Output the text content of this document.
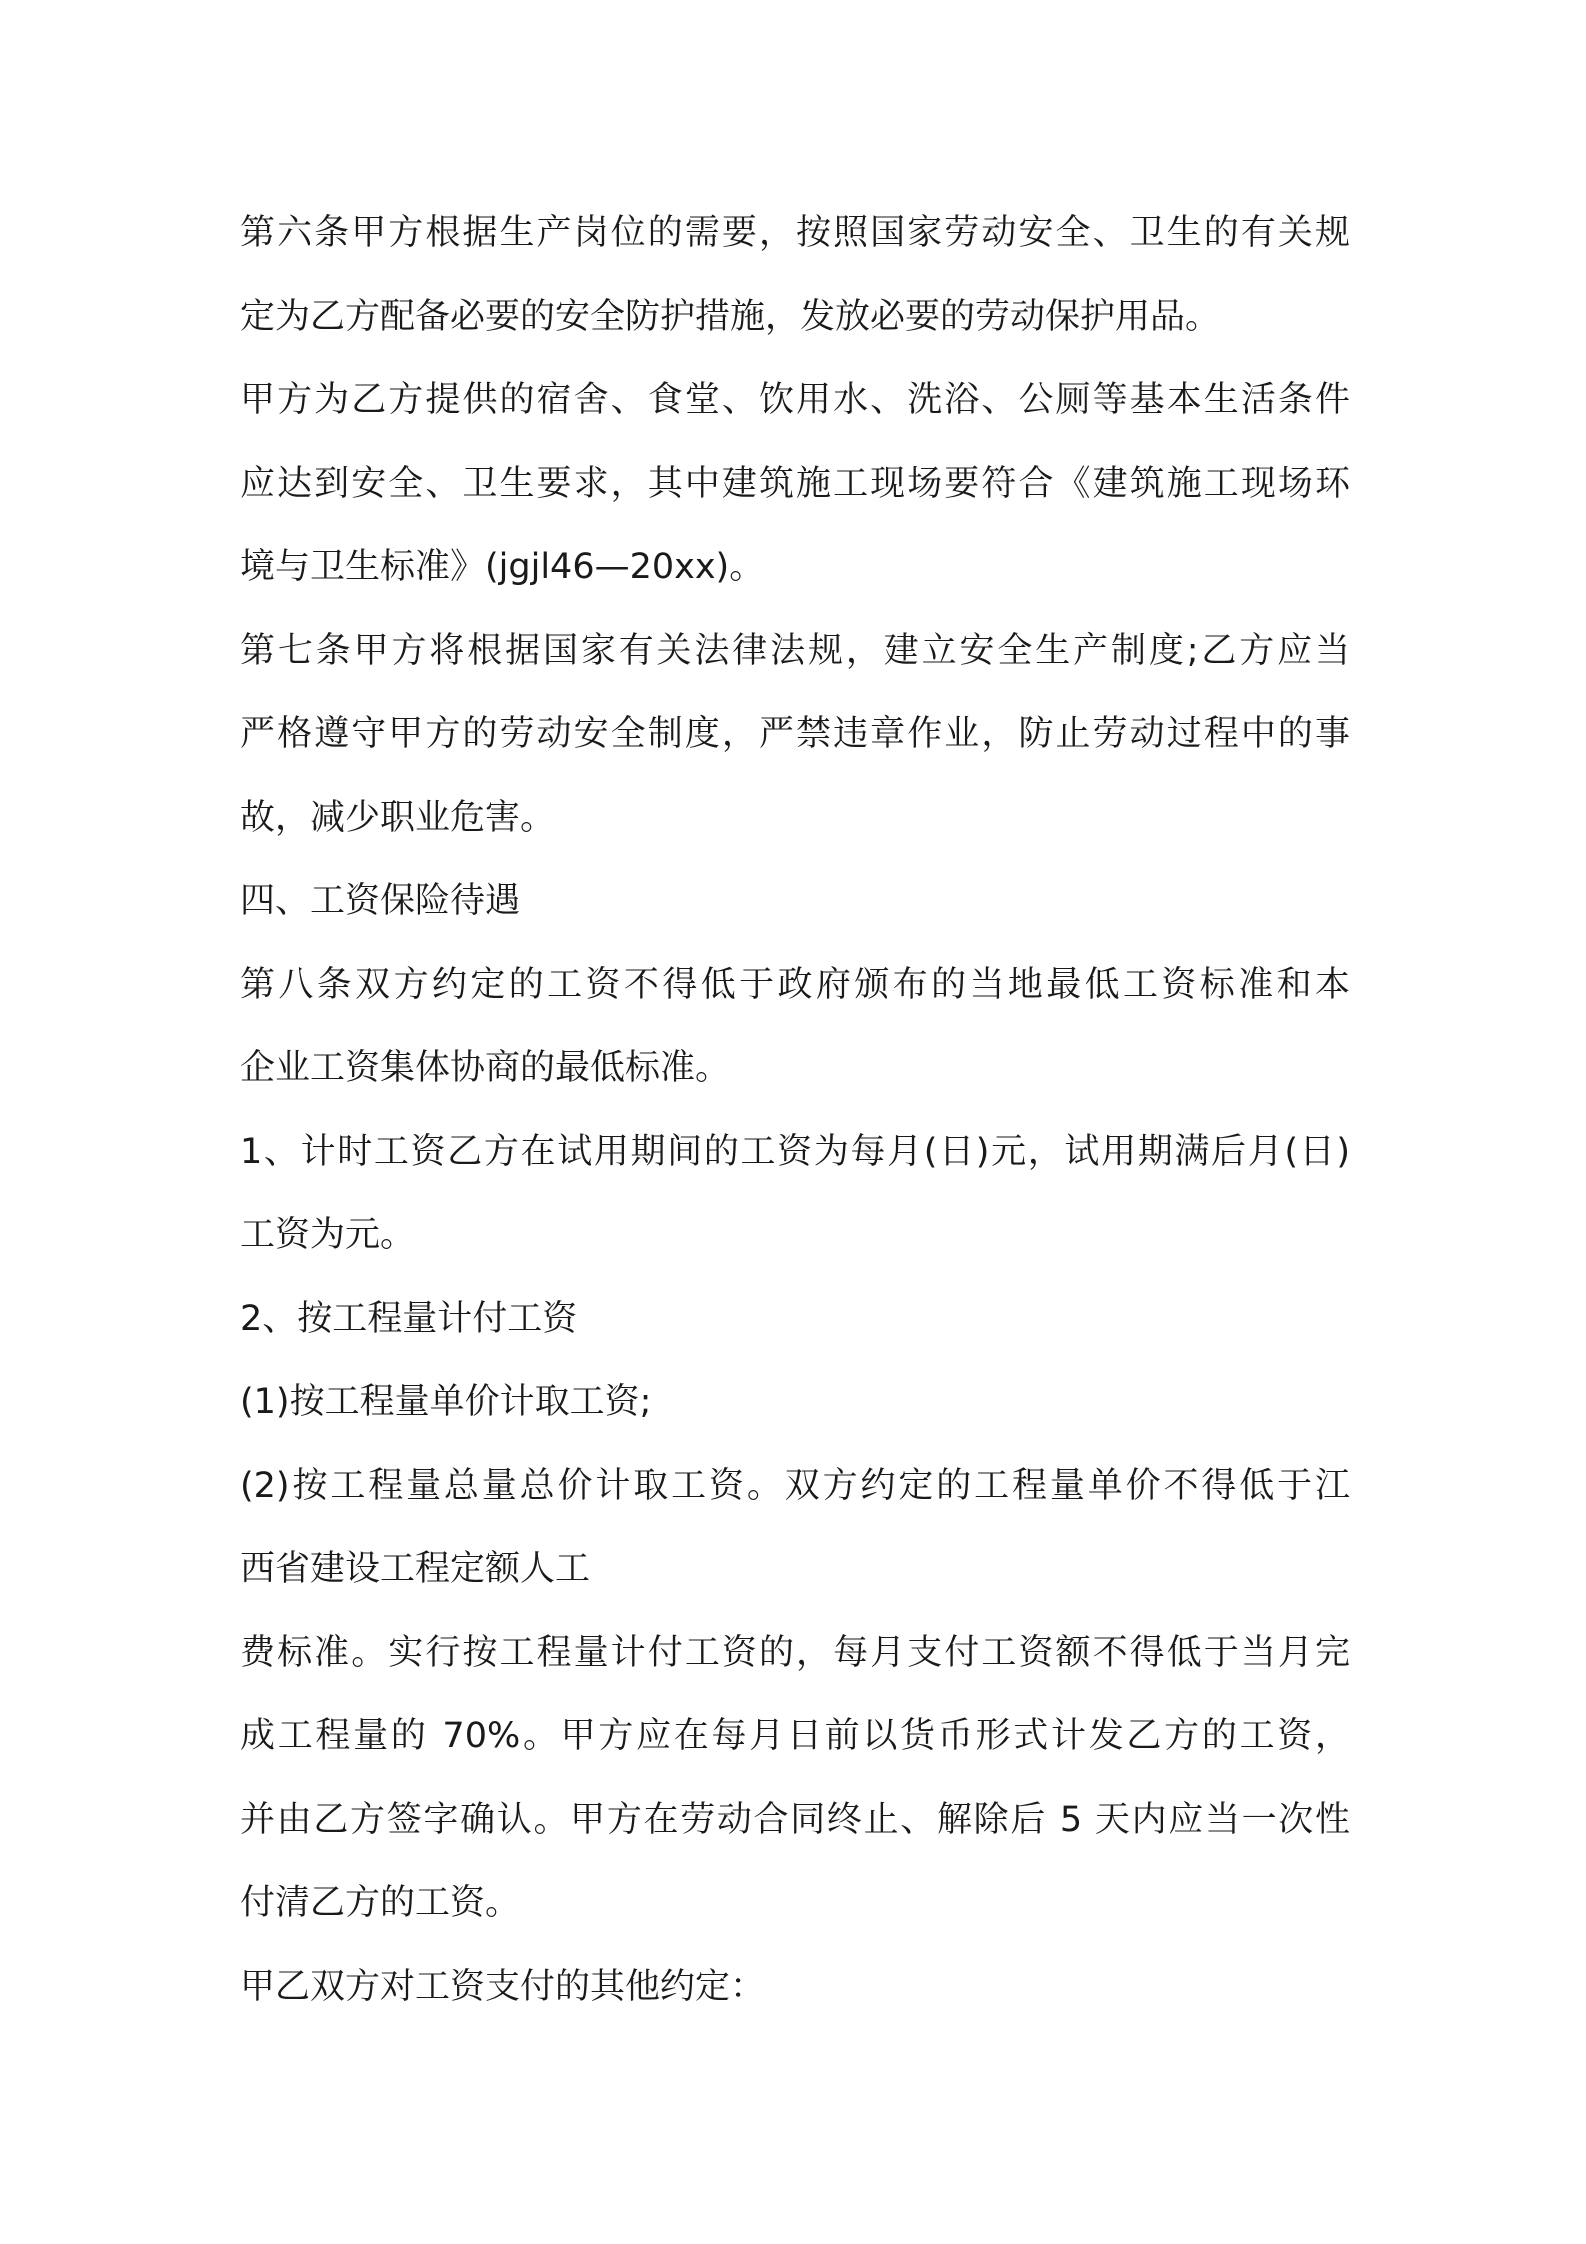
第六条甲方根据生产岗位的需要，按照国家劳动安全、卫生的有关规
定为乙方配备必要的安全防护措施，发放必要的劳动保护用品。
甲方为乙方提供的宿舍、食堂、饮用水、洗浴、公厕等基本生活条件
应达到安全、卫生要求，其中建筑施工现场要符合《建筑施工现场环
境与卫生标准》(jgjl46—20xx)。
第七条甲方将根据国家有关法律法规，建立安全生产制度;乙方应当
严格遵守甲方的劳动安全制度，严禁违章作业，防止劳动过程中的事
故，减少职业危害。
四、工资保险待遇
第八条双方约定的工资不得低于政府颁布的当地最低工资标准和本
企业工资集体协商的最低标准。
1、计时工资乙方在试用期间的工资为每月(日)元，试用期满后月(日)
工资为元。
2、按工程量计付工资
(1)按工程量单价计取工资;
(2)按工程量总量总价计取工资。双方约定的工程量单价不得低于江
西省建设工程定额人工
费标准。实行按工程量计付工资的，每月支付工资额不得低于当月完
成工程量的 70%。甲方应在每月日前以货币形式计发乙方的工资，
并由乙方签字确认。甲方在劳动合同终止、解除后 5 天内应当一次性
付清乙方的工资。
甲乙双方对工资支付的其他约定：
